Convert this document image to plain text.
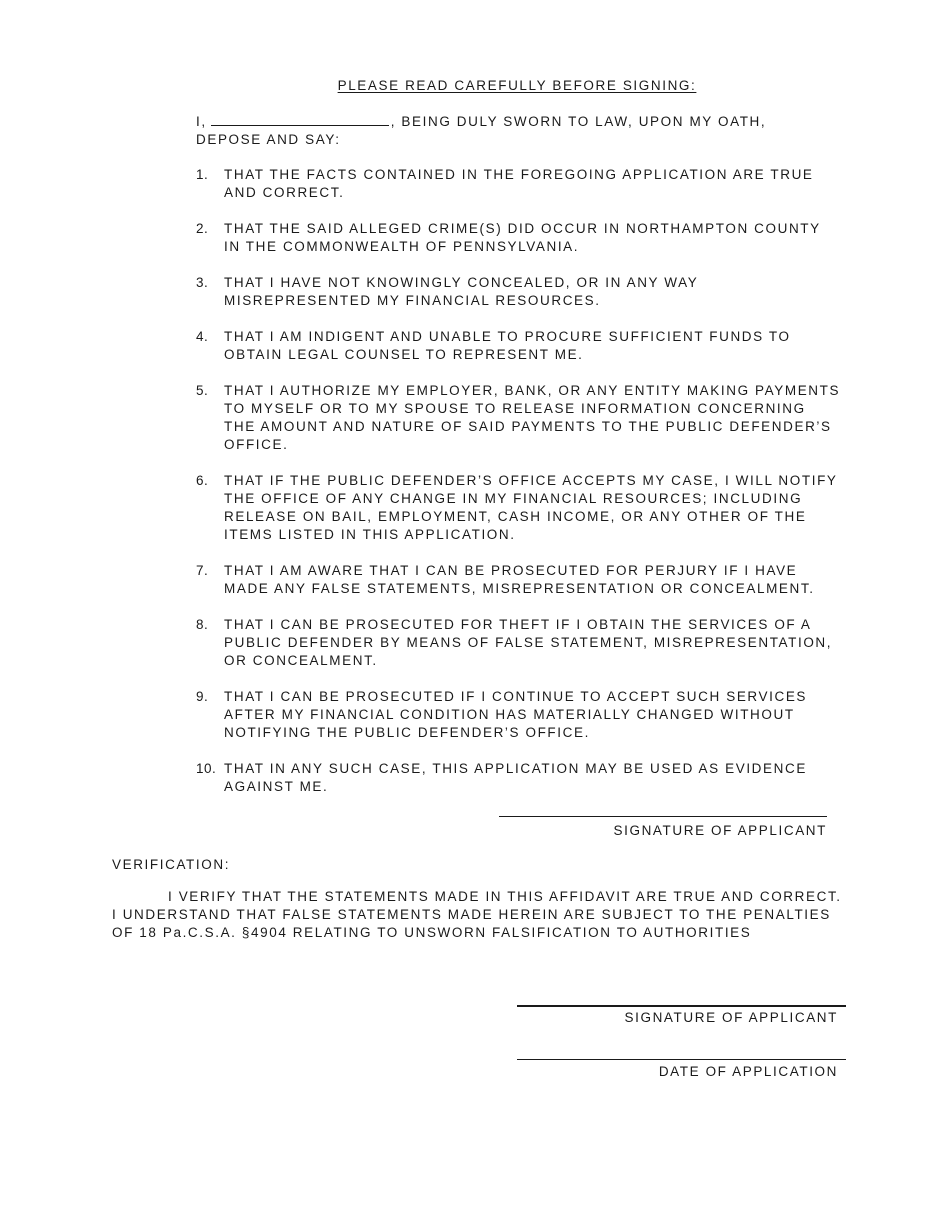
PLEASE READ CAREFULLY BEFORE SIGNING:
I,	, BEING DULY SWORN TO LAW, UPON MY OATH, DEPOSE AND SAY:
1. THAT THE FACTS CONTAINED IN THE FOREGOING APPLICATION ARE TRUE AND CORRECT.
2. THAT THE SAID ALLEGED CRIME(S) DID OCCUR IN NORTHAMPTON COUNTY IN THE COMMONWEALTH OF PENNSYLVANIA.
3. THAT I HAVE NOT KNOWINGLY CONCEALED, OR IN ANY WAY MISREPRESENTED MY FINANCIAL RESOURCES.
4. THAT I AM INDIGENT AND UNABLE TO PROCURE SUFFICIENT FUNDS TO OBTAIN LEGAL COUNSEL TO REPRESENT ME.
5. THAT I AUTHORIZE MY EMPLOYER, BANK, OR ANY ENTITY MAKING PAYMENTS TO MYSELF OR TO MY SPOUSE TO RELEASE INFORMATION CONCERNING THE AMOUNT AND NATURE OF SAID PAYMENTS TO THE PUBLIC DEFENDER’S OFFICE.
6. THAT IF THE PUBLIC DEFENDER’S OFFICE ACCEPTS MY CASE, I WILL NOTIFY THE OFFICE OF ANY CHANGE IN MY FINANCIAL RESOURCES; INCLUDING RELEASE ON BAIL, EMPLOYMENT, CASH INCOME, OR ANY OTHER OF THE ITEMS LISTED IN THIS APPLICATION.
7. THAT I AM AWARE THAT I CAN BE PROSECUTED FOR PERJURY IF I HAVE MADE ANY FALSE STATEMENTS, MISREPRESENTATION OR CONCEALMENT.
8. THAT I CAN BE PROSECUTED FOR THEFT IF I OBTAIN THE SERVICES OF A PUBLIC DEFENDER BY MEANS OF FALSE STATEMENT, MISREPRESENTATION, OR CONCEALMENT.
9. THAT I CAN BE PROSECUTED IF I CONTINUE TO ACCEPT SUCH SERVICES AFTER MY FINANCIAL CONDITION HAS MATERIALLY CHANGED WITHOUT NOTIFYING THE PUBLIC DEFENDER’S OFFICE.
10. THAT IN ANY SUCH CASE, THIS APPLICATION MAY BE USED AS EVIDENCE AGAINST ME.
SIGNATURE OF APPLICANT
VERIFICATION:
I VERIFY THAT THE STATEMENTS MADE IN THIS AFFIDAVIT ARE TRUE AND CORRECT. I UNDERSTAND THAT FALSE STATEMENTS MADE HEREIN ARE SUBJECT TO THE PENALTIES OF 18 Pa.C.S.A. §4904 RELATING TO UNSWORN FALSIFICATION TO AUTHORITIES
SIGNATURE OF APPLICANT
DATE OF APPLICATION
